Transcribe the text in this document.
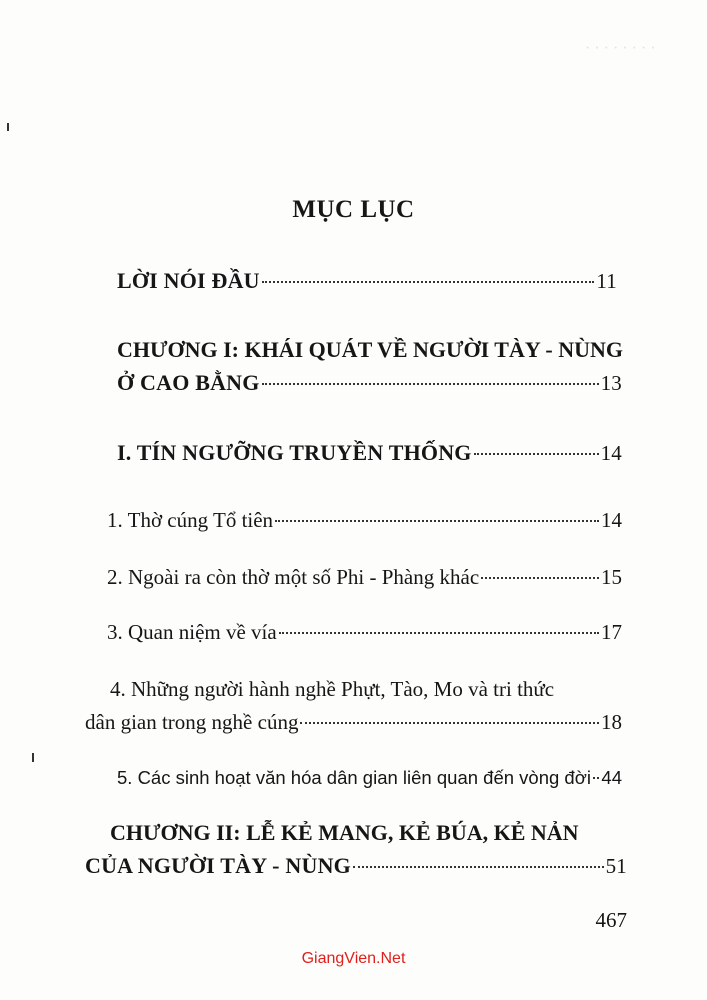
· · · · · · · ·
MỤC LỤC
LỜI NÓI ĐẦU	11
CHƯƠNG I: KHÁI QUÁT VỀ NGƯỜI TÀY - NÙNG
Ở CAO BẰNG	13
I. TÍN NGƯỠNG TRUYỀN THỐNG	14
1. Thờ cúng Tổ tiên	14
2. Ngoài ra còn thờ một số Phi - Phàng khác	15
3. Quan niệm về vía	17
4. Những người hành nghề Phựt, Tào, Mo và tri thức
dân gian trong nghề cúng	18
5. Các sinh hoạt văn hóa dân gian liên quan đến vòng đời 44
CHƯƠNG II: LỄ KẺ MANG, KẺ BÚA, KẺ NẢN
CỦA NGƯỜI TÀY - NÙNG	51
467
GiangVien.Net
